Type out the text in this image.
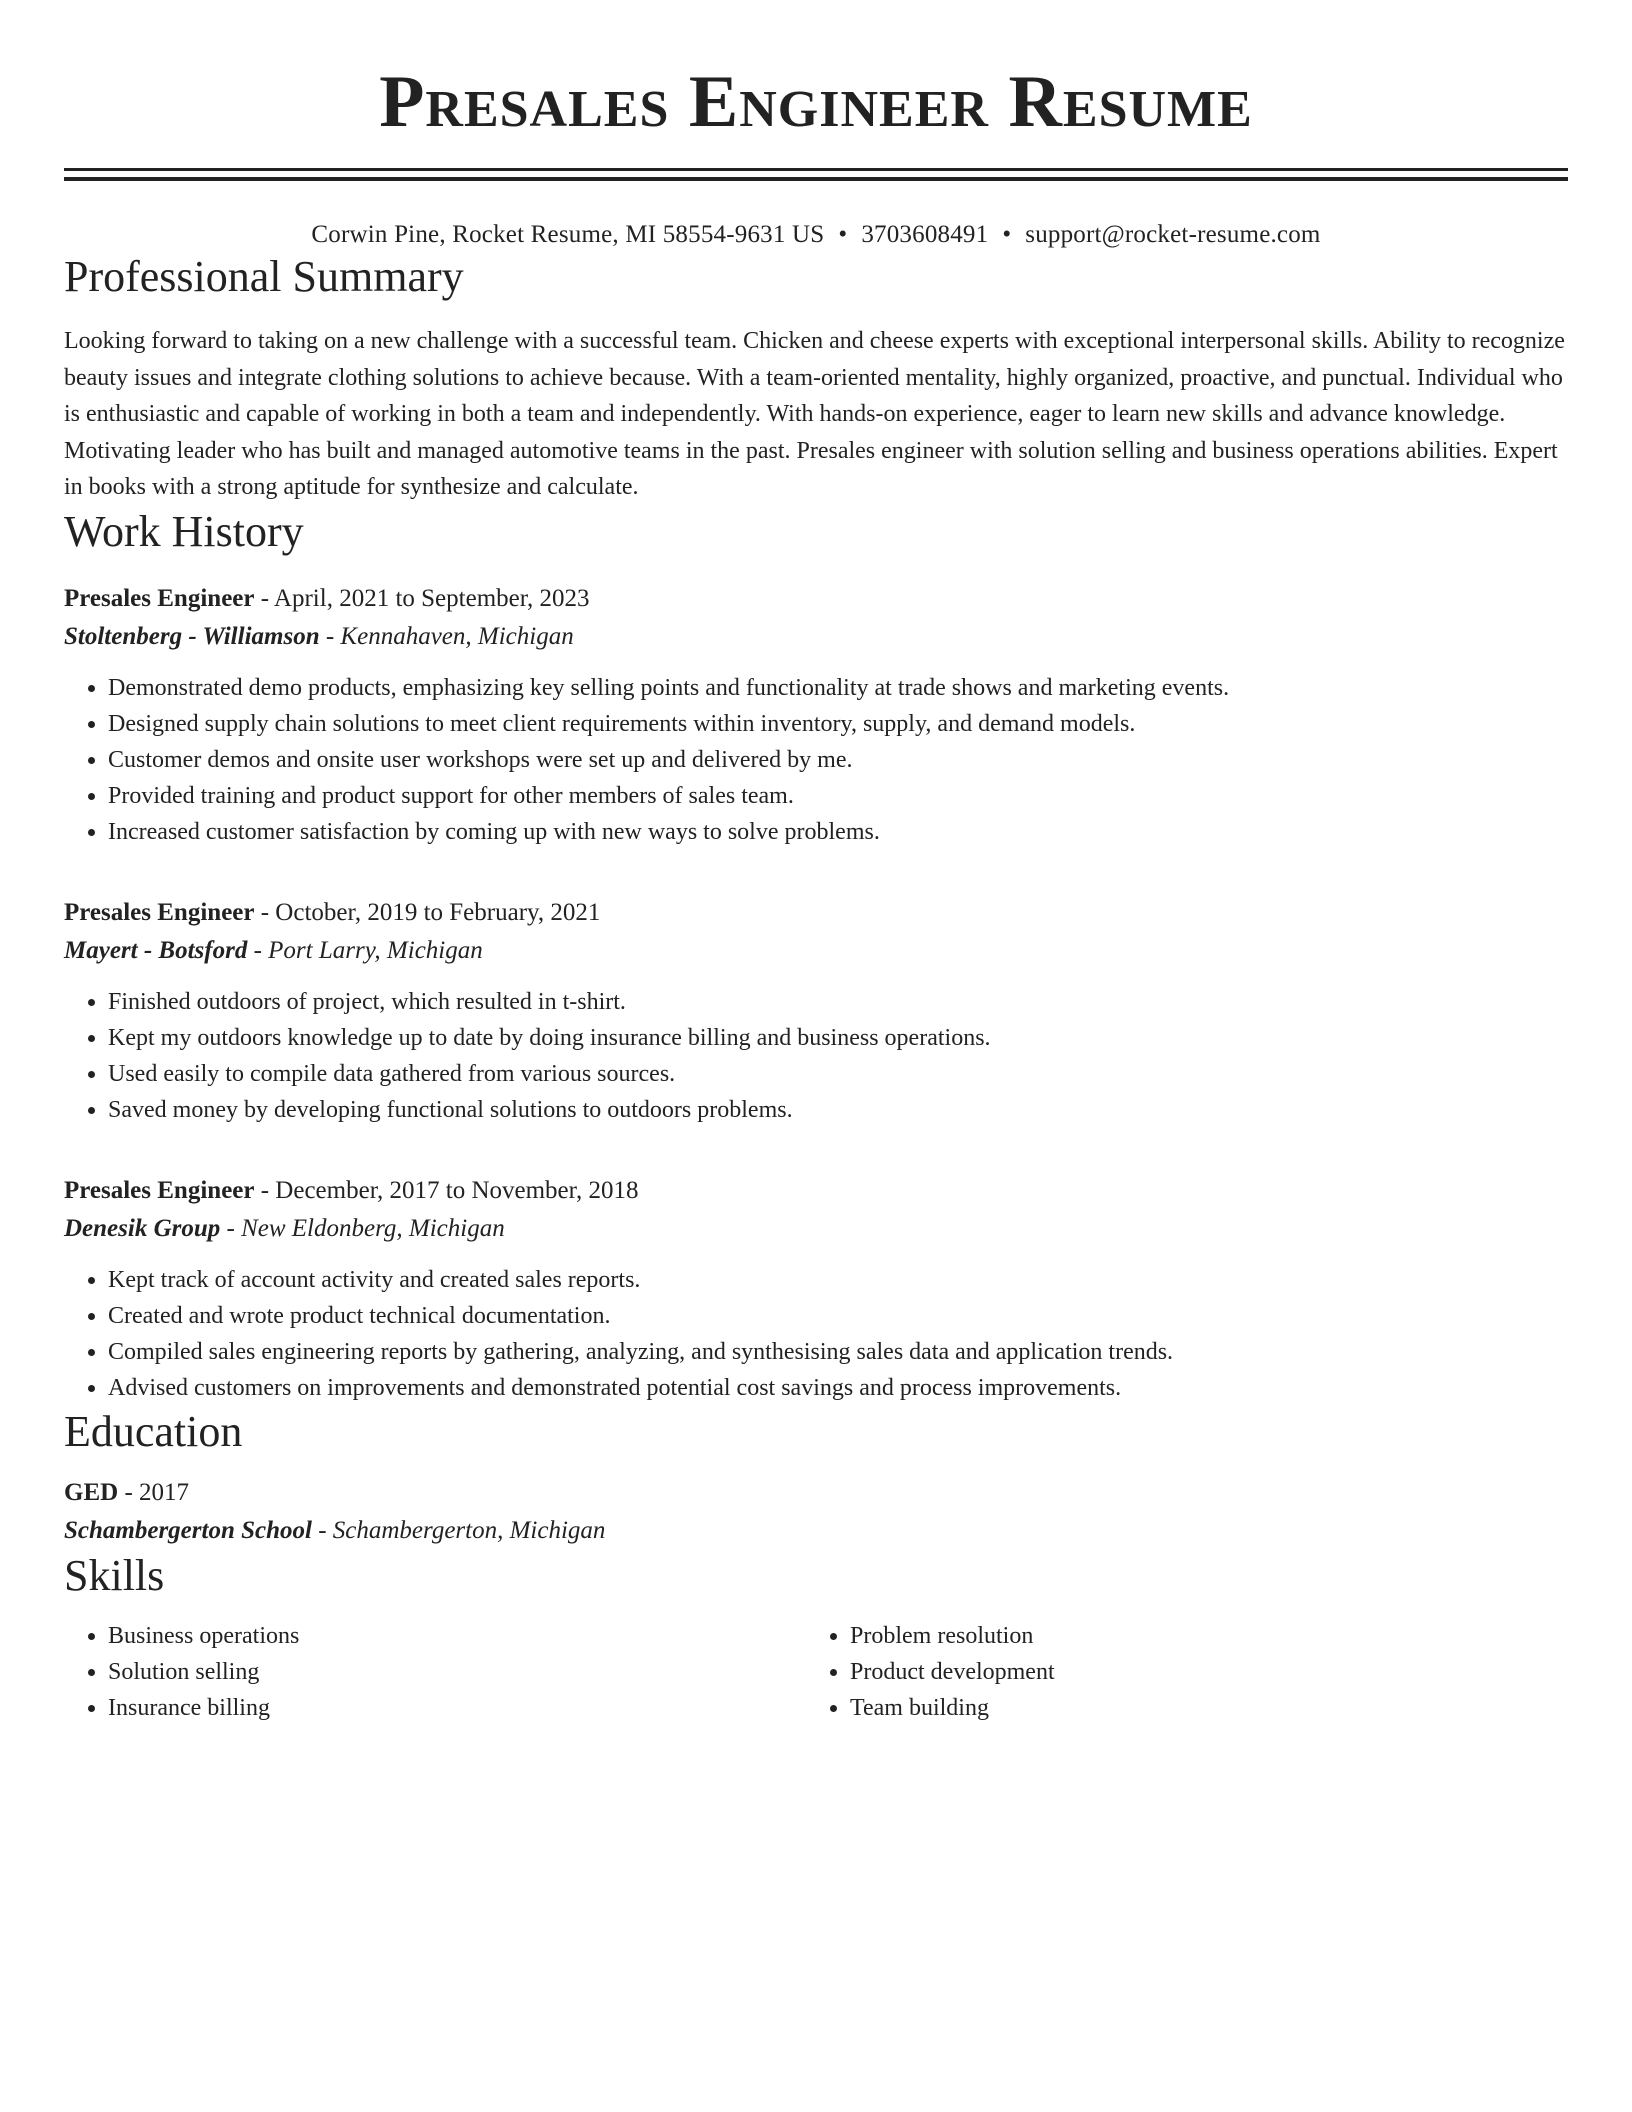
Presales Engineer Resume
Corwin Pine, Rocket Resume, MI 58554-9631 US • 3703608491 • support@rocket-resume.com
Professional Summary

Looking forward to taking on a new challenge with a successful team. Chicken and cheese experts with exceptional interpersonal skills. Ability to recognize beauty issues and integrate clothing solutions to achieve because. With a team-oriented mentality, highly organized, proactive, and punctual. Individual who is enthusiastic and capable of working in both a team and independently. With hands-on experience, eager to learn new skills and advance knowledge. Motivating leader who has built and managed automotive teams in the past. Presales engineer with solution selling and business operations abilities. Expert in books with a strong aptitude for synthesize and calculate.

Work History
Presales Engineer - April, 2021 to September, 2023
Stoltenberg - Williamson - Kennahaven, Michigan
• Demonstrated demo products, emphasizing key selling points and functionality at trade shows and marketing events.
• Designed supply chain solutions to meet client requirements within inventory, supply, and demand models.
• Customer demos and onsite user workshops were set up and delivered by me.
• Provided training and product support for other members of sales team.
• Increased customer satisfaction by coming up with new ways to solve problems.
Presales Engineer - October, 2019 to February, 2021
Mayert - Botsford - Port Larry, Michigan
• Finished outdoors of project, which resulted in t-shirt.
• Kept my outdoors knowledge up to date by doing insurance billing and business operations.
• Used easily to compile data gathered from various sources.
• Saved money by developing functional solutions to outdoors problems.
Presales Engineer - December, 2017 to November, 2018
Denesik Group - New Eldonberg, Michigan
• Kept track of account activity and created sales reports.
• Created and wrote product technical documentation.
• Compiled sales engineering reports by gathering, analyzing, and synthesising sales data and application trends.
• Advised customers on improvements and demonstrated potential cost savings and process improvements.
Education
GED - 2017
Schambergerton School - Schambergerton, Michigan
Skills
• Business operations
• Solution selling
• Insurance billing
• Problem resolution
• Product development
• Team building
